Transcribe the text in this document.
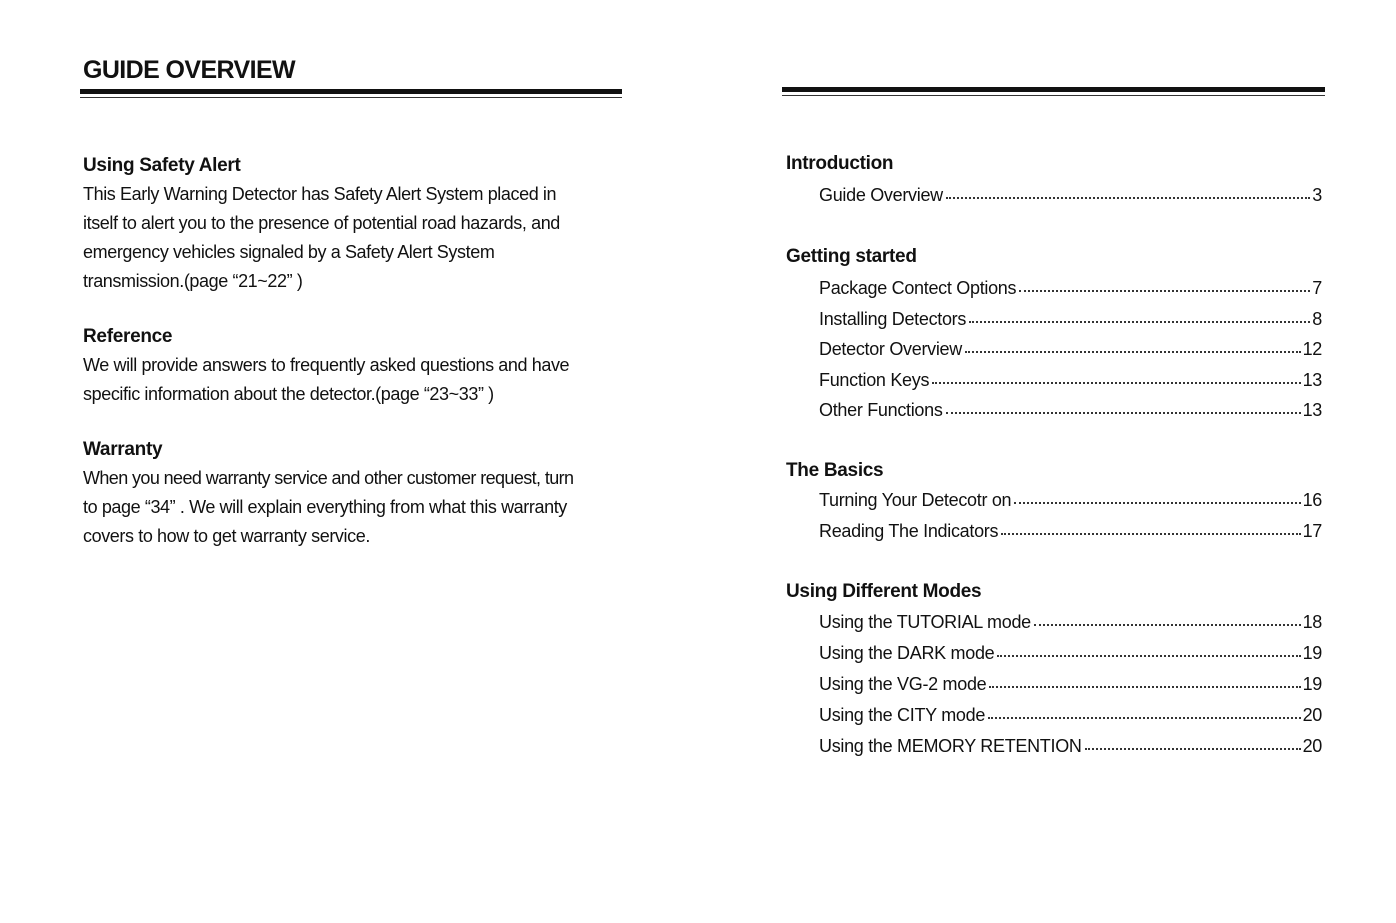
GUIDE OVERVIEW
Using Safety Alert
This Early Warning Detector has Safety Alert System placed in
itself to alert you to the presence of potential road hazards, and
emergency vehicles signaled by a Safety Alert System
transmission.(page “21~22” )
Reference
We will provide answers to frequently asked questions and have
specific information about the detector.(page “23~33” )
Warranty
When you need warranty service and other customer request, turn
to page “34” . We will explain everything from what this warranty
covers to how to get warranty service.
Introduction
Guide Overview	3
Getting started
Package Contect Options	7
Installing Detectors	8
Detector Overview	12
Function Keys	13
Other Functions	13
The Basics
Turning Your Detecotr on	16
Reading The Indicators	17
Using Different Modes
Using the TUTORIAL mode	18
Using the DARK mode	19
Using the VG-2 mode	19
Using the CITY mode	20
Using the MEMORY RETENTION	20
